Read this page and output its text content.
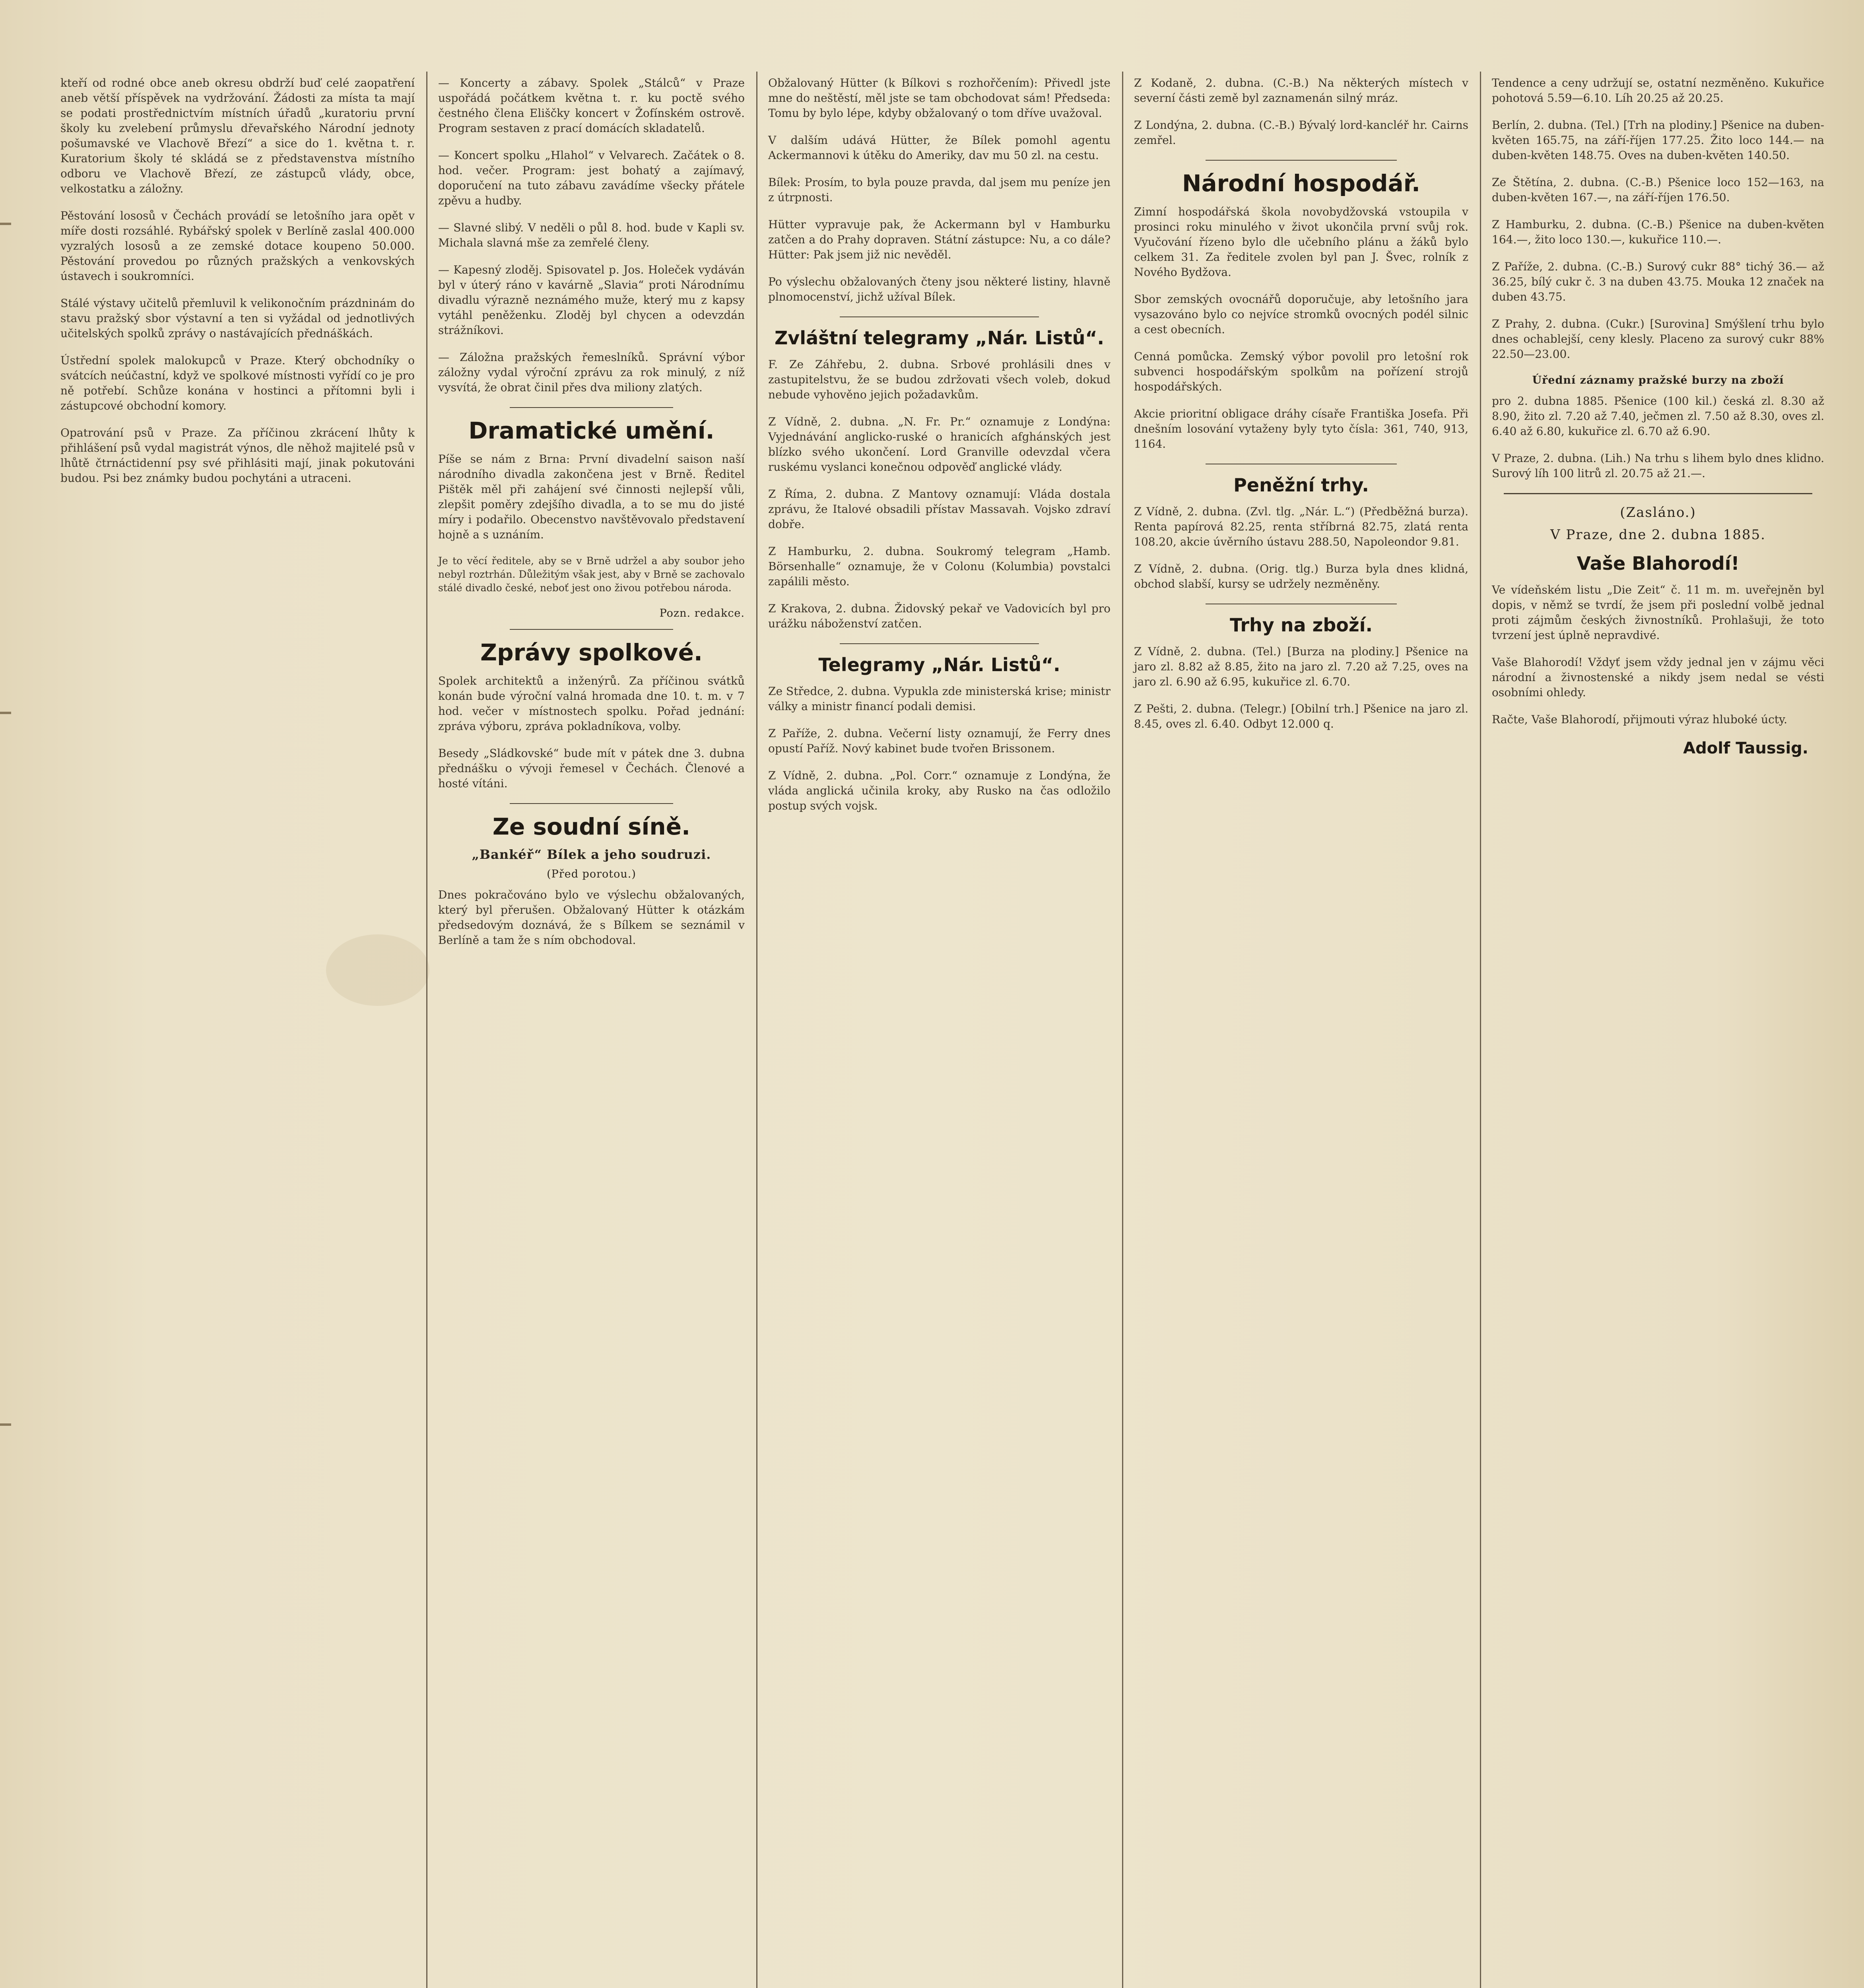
kteří od rodné obce aneb okresu obdrží buď celé zaopatření aneb větší příspěvek na vydržování. Žádosti za místa ta mají se podati prostřednictvím místních úřadů „kuratoriu první školy ku zvelebení průmyslu dřevařského Národní jednoty pošumavské ve Vlachově Březí“ a sice do 1. května t. r. Kuratorium školy té skládá se z představenstva místního odboru ve Vlachově Březí, ze zástupců vlády, obce, velkostatku a záložny.

Pěstování lososů v Čechách provádí se letošního jara opět v míře dosti rozsáhlé. Rybářský spolek v Berlíně zaslal 400.000 vyzralých lososů a ze zemské dotace koupeno 50.000. Pěstování provedou po různých pražských a venkovských ústavech i soukromníci.

Stálé výstavy učitelů přemluvil k velikonočním prázdninám do stavu pražský sbor výstavní a ten si vyžádal od jednotlivých učitelských spolků zprávy o nastávajících přednáškách.

Ústřední spolek malokupců v Praze. Který obchodníky o svátcích neúčastní, když ve spolkové místnosti vyřídí co je pro ně potřebí. Schůze konána v hostinci a přítomni byli i zástupcové obchodní komory.

Opatrování psů v Praze. Za příčinou zkrácení lhůty k přihlášení psů vydal magistrát výnos, dle něhož majitelé psů v lhůtě čtrnáctidenní psy své přihlásiti mají, jinak pokutováni budou. Psi bez známky budou pochytáni a utraceni.

— Koncerty a zábavy. Spolek „Stálců“ v Praze uspořádá počátkem května t. r. ku poctě svého čestného člena Eliščky koncert v Žofínském ostrově. Program sestaven z prací domácích skladatelů.

— Koncert spolku „Hlahol“ v Velvarech. Začátek o 8. hod. večer. Program: jest bohatý a zajímavý, doporučení na tuto zábavu zavádíme všecky přátele zpěvu a hudby.

— Slavné slibý. V neděli o půl 8. hod. bude v Kapli sv. Michala slavná mše za zemřelé členy.

— Kapesný zloděj. Spisovatel p. Jos. Holeček vydáván byl v úterý ráno v kavárně „Slavia“ proti Národnímu divadlu výrazně neznámého muže, který mu z kapsy vytáhl peněženku. Zloděj byl chycen a odevzdán strážníkovi.

— Záložna pražských řemeslníků. Správní výbor záložny vydal výroční zprávu za rok minulý, z níž vysvítá, že obrat činil přes dva miliony zlatých.

Dramatické umění.

Píše se nám z Brna: První divadelní saison naší národního divadla zakončena jest v Brně. Ředitel Pištěk měl při zahájení své činnosti nejlepší vůli, zlepšit poměry zdejšího divadla, a to se mu do jisté míry i podařilo. Obecenstvo navštěvovalo představení hojně a s uznáním.

Je to věcí ředitele, aby se v Brně udržel a aby soubor jeho nebyl roztrhán. Důležitým však jest, aby v Brně se zachovalo stálé divadlo české, neboť jest ono živou potřebou národa.

Pozn. redakce.
Zprávy spolkové.

Spolek architektů a inženýrů. Za příčinou svátků konán bude výroční valná hromada dne 10. t. m. v 7 hod. večer v místnostech spolku. Pořad jednání: zpráva výboru, zpráva pokladníkova, volby.

Besedy „Sládkovské“ bude mít v pátek dne 3. dubna přednášku o vývoji řemesel v Čechách. Členové a hosté vítáni.

Ze soudní síně.
„Bankéř“ Bílek a jeho soudruzi.
(Před porotou.)

Dnes pokračováno bylo ve výslechu obžalovaných, který byl přerušen. Obžalovaný Hütter k otázkám předsedovým doznává, že s Bílkem se seznámil v Berlíně a tam že s ním obchodoval.

Obžalovaný Hütter (k Bílkovi s rozhořčením): Přivedl jste mne do neštěstí, měl jste se tam obchodovat sám! Předseda: Tomu by bylo lépe, kdyby obžalovaný o tom dříve uvažoval.

V dalším udává Hütter, že Bílek pomohl agentu Ackermannovi k útěku do Ameriky, dav mu 50 zl. na cestu.

Bílek: Prosím, to byla pouze pravda, dal jsem mu peníze jen z útrpnosti.

Hütter vypravuje pak, že Ackermann byl v Hamburku zatčen a do Prahy dopraven. Státní zástupce: Nu, a co dále? Hütter: Pak jsem již nic nevěděl.

Po výslechu obžalovaných čteny jsou některé listiny, hlavně plnomocenství, jichž užíval Bílek.

Zvláštní telegramy „Nár. Listů“.

F. Ze Záhřebu, 2. dubna. Srbové prohlásili dnes v zastupitelstvu, že se budou zdržovati všech voleb, dokud nebude vyhověno jejich požadavkům.

Z Vídně, 2. dubna. „N. Fr. Pr.“ oznamuje z Londýna: Vyjednávání anglicko-ruské o hranicích afghánských jest blízko svého ukončení. Lord Granville odevzdal včera ruskému vyslanci konečnou odpověď anglické vlády.

Z Říma, 2. dubna. Z Mantovy oznamují: Vláda dostala zprávu, že Italové obsadili přístav Massavah. Vojsko zdraví dobře.

Z Hamburku, 2. dubna. Soukromý telegram „Hamb. Börsenhalle“ oznamuje, že v Colonu (Kolumbia) povstalci zapálili město.

Z Krakova, 2. dubna. Židovský pekař ve Vadovicích byl pro urážku náboženství zatčen.

Telegramy „Nár. Listů“.

Ze Středce, 2. dubna. Vypukla zde ministerská krise; ministr války a ministr financí podali demisi.

Z Paříže, 2. dubna. Večerní listy oznamují, že Ferry dnes opustí Paříž. Nový kabinet bude tvořen Brissonem.

Z Vídně, 2. dubna. „Pol. Corr.“ oznamuje z Londýna, že vláda anglická učinila kroky, aby Rusko na čas odložilo postup svých vojsk.

Z Kodaně, 2. dubna. (C.-B.) Na některých místech v severní části země byl zaznamenán silný mráz.

Z Londýna, 2. dubna. (C.-B.) Bývalý lord-kancléř hr. Cairns zemřel.

Národní hospodář.

Zimní hospodářská škola novobydžovská vstoupila v prosinci roku minulého v život ukončila první svůj rok. Vyučování řízeno bylo dle učebního plánu a žáků bylo celkem 31. Za ředitele zvolen byl pan J. Švec, rolník z Nového Bydžova.

Sbor zemských ovocnářů doporučuje, aby letošního jara vysazováno bylo co nejvíce stromků ovocných podél silnic a cest obecních.

Cenná pomůcka. Zemský výbor povolil pro letošní rok subvenci hospodářským spolkům na pořízení strojů hospodářských.

Akcie prioritní obligace dráhy císaře Františka Josefa. Při dnešním losování vytaženy byly tyto čísla: 361, 740, 913, 1164.

Peněžní trhy.

Z Vídně, 2. dubna. (Zvl. tlg. „Nár. L.“) (Předběžná burza). Renta papírová 82.25, renta stříbrná 82.75, zlatá renta 108.20, akcie úvěrního ústavu 288.50, Napoleondor 9.81.

Z Vídně, 2. dubna. (Orig. tlg.) Burza byla dnes klidná, obchod slabší, kursy se udržely nezměněny.

Trhy na zboží.

Z Vídně, 2. dubna. (Tel.) [Burza na plodiny.] Pšenice na jaro zl. 8.82 až 8.85, žito na jaro zl. 7.20 až 7.25, oves na jaro zl. 6.90 až 6.95, kukuřice zl. 6.70.

Z Pešti, 2. dubna. (Telegr.) [Obilní trh.] Pšenice na jaro zl. 8.45, oves zl. 6.40. Odbyt 12.000 q.

Tendence a ceny udržují se, ostatní nezměněno. Kukuřice pohotová 5.59—6.10. Líh 20.25 až 20.25.

Berlín, 2. dubna. (Tel.) [Trh na plodiny.] Pšenice na duben-květen 165.75, na září-říjen 177.25. Žito loco 144.— na duben-květen 148.75. Oves na duben-květen 140.50.

Ze Štětína, 2. dubna. (C.-B.) Pšenice loco 152—163, na duben-květen 167.—, na září-říjen 176.50.

Z Hamburku, 2. dubna. (C.-B.) Pšenice na duben-květen 164.—, žito loco 130.—, kukuřice 110.—.

Z Paříže, 2. dubna. (C.-B.) Surový cukr 88° tichý 36.— až 36.25, bílý cukr č. 3 na duben 43.75. Mouka 12 značek na duben 43.75.

Z Prahy, 2. dubna. (Cukr.) [Surovina] Smýšlení trhu bylo dnes ochablejší, ceny klesly. Placeno za surový cukr 88% 22.50—23.00.

Úřední záznamy pražské burzy na zboží

pro 2. dubna 1885. Pšenice (100 kil.) česká zl. 8.30 až 8.90, žito zl. 7.20 až 7.40, ječmen zl. 7.50 až 8.30, oves zl. 6.40 až 6.80, kukuřice zl. 6.70 až 6.90.

V Praze, 2. dubna. (Lih.) Na trhu s lihem bylo dnes klidno. Surový líh 100 litrů zl. 20.75 až 21.—.

(Zasláno.)
V Praze, dne 2. dubna 1885.
Vaše Blahorodí!

Ve vídeňském listu „Die Zeit“ č. 11 m. m. uveřejněn byl dopis, v němž se tvrdí, že jsem při poslední volbě jednal proti zájmům českých živnostníků. Prohlašuji, že toto tvrzení jest úplně nepravdivé.

Vaše Blahorodí! Vždyť jsem vždy jednal jen v zájmu věci národní a živnostenské a nikdy jsem nedal se vésti osobními ohledy.

Račte, Vaše Blahorodí, přijmouti výraz hluboké úcty.

Adolf Taussig.
